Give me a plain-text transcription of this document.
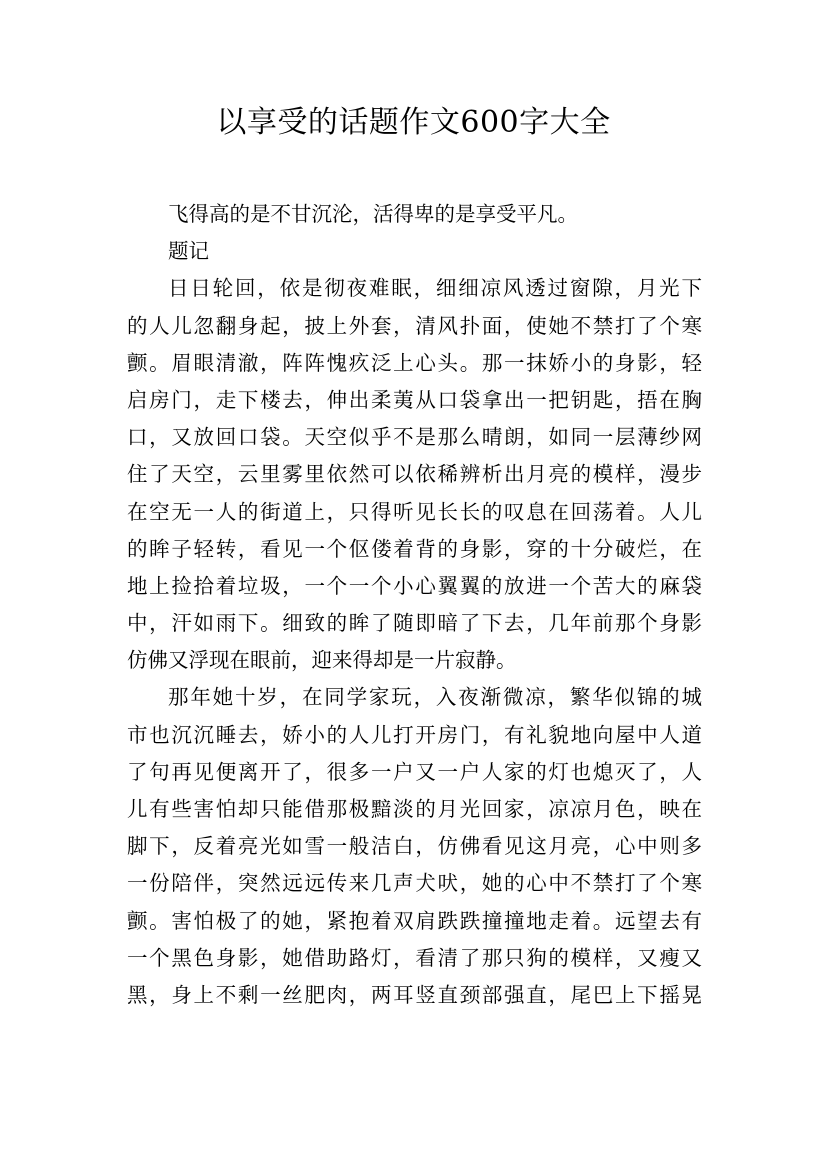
以享受的话题作文600字大全
飞得高的是不甘沉沦，活得卑的是享受平凡。
题记
日日轮回，依是彻夜难眠，细细凉风透过窗隙，月光下
的人儿忽翻身起，披上外套，清风扑面，使她不禁打了个寒
颤。眉眼清澈，阵阵愧疚泛上心头。那一抹娇小的身影，轻
启房门，走下楼去，伸出柔荑从口袋拿出一把钥匙，捂在胸
口，又放回口袋。天空似乎不是那么晴朗，如同一层薄纱网
住了天空，云里雾里依然可以依稀辨析出月亮的模样，漫步
在空无一人的街道上，只得听见长长的叹息在回荡着。人儿
的眸子轻转，看见一个伛偻着背的身影，穿的十分破烂，在
地上捡拾着垃圾，一个一个小心翼翼的放进一个苦大的麻袋
中，汗如雨下。细致的眸了随即暗了下去，几年前那个身影
仿佛又浮现在眼前，迎来得却是一片寂静。
那年她十岁，在同学家玩，入夜渐微凉，繁华似锦的城
市也沉沉睡去，娇小的人儿打开房门，有礼貌地向屋中人道
了句再见便离开了，很多一户又一户人家的灯也熄灭了，人
儿有些害怕却只能借那极黯淡的月光回家，凉凉月色，映在
脚下，反着亮光如雪一般洁白，仿佛看见这月亮，心中则多
一份陪伴，突然远远传来几声犬吠，她的心中不禁打了个寒
颤。害怕极了的她，紧抱着双肩跌跌撞撞地走着。远望去有
一个黑色身影，她借助路灯，看清了那只狗的模样，又瘦又
黑，身上不剩一丝肥肉，两耳竖直颈部强直，尾巴上下摇晃
